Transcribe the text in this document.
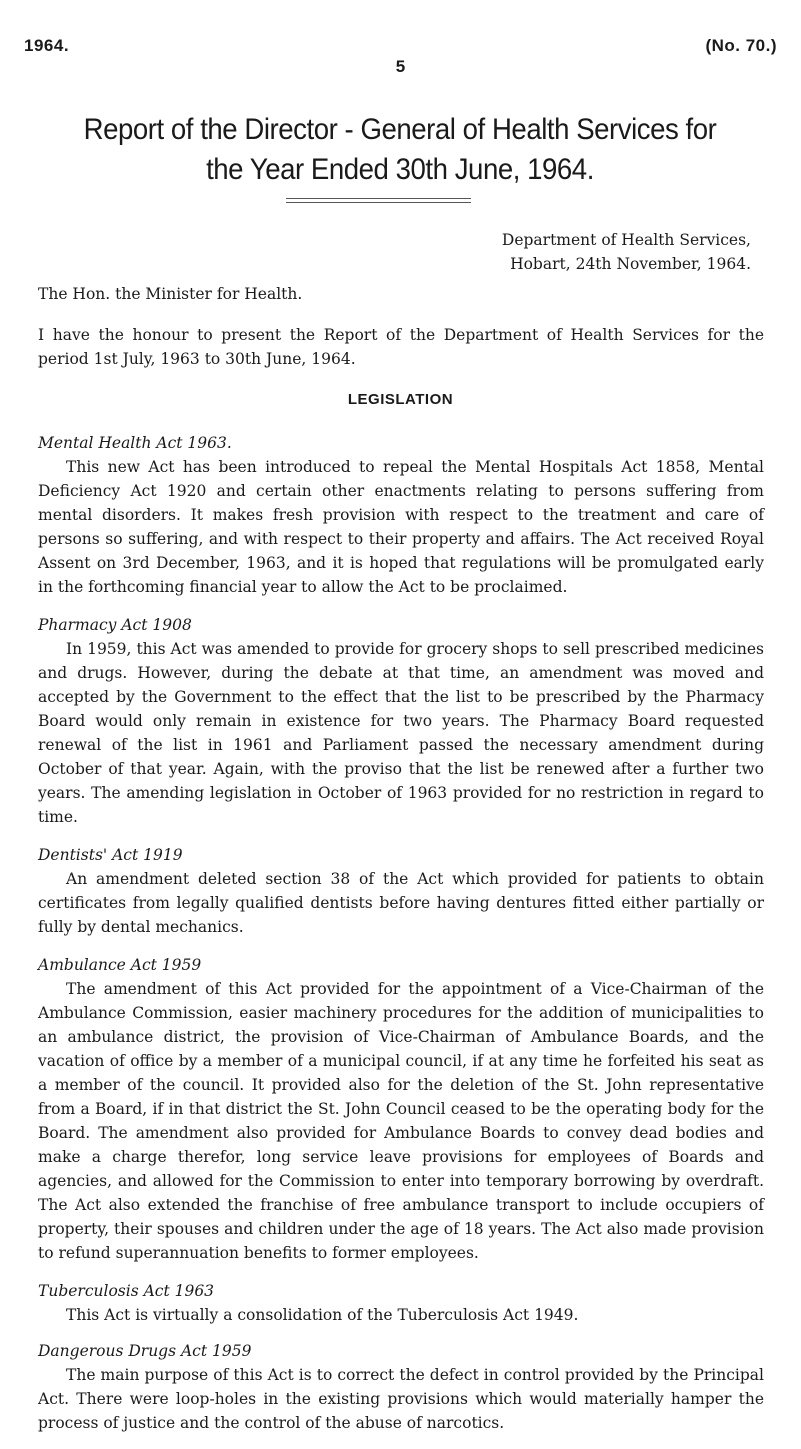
1964.	(No. 70.)
5
Report of the Director - General of Health Services for
the Year Ended 30th June, 1964.
Department of Health Services,
Hobart, 24th November, 1964.
The Hon. the Minister for Health.

I have the honour to present the Report of the Department of Health Services for the period 1st July, 1963 to 30th June, 1964.

LEGISLATION

Mental Health Act 1963.

This new Act has been introduced to repeal the Mental Hospitals Act 1858, Mental Deficiency Act 1920 and certain other enactments relating to persons suffering from mental disorders. It makes fresh provision with respect to the treatment and care of persons so suffering, and with respect to their property and affairs. The Act received Royal Assent on 3rd December, 1963, and it is hoped that regulations will be promulgated early in the forthcoming financial year to allow the Act to be proclaimed.

Pharmacy Act 1908

In 1959, this Act was amended to provide for grocery shops to sell prescribed medicines and drugs. However, during the debate at that time, an amendment was moved and accepted by the Government to the effect that the list to be prescribed by the Pharmacy Board would only remain in existence for two years. The Pharmacy Board requested renewal of the list in 1961 and Parliament passed the necessary amendment during October of that year. Again, with the proviso that the list be renewed after a further two years. The amending legislation in October of 1963 provided for no restriction in regard to time.

Dentists' Act 1919

An amendment deleted section 38 of the Act which provided for patients to obtain certificates from legally qualified dentists before having dentures fitted either partially or fully by dental mechanics.

Ambulance Act 1959

The amendment of this Act provided for the appointment of a Vice-Chairman of the Ambulance Commission, easier machinery procedures for the addition of municipalities to an ambulance district, the provision of Vice-Chairman of Ambulance Boards, and the vacation of office by a member of a municipal council, if at any time he forfeited his seat as a member of the council. It provided also for the deletion of the St. John representative from a Board, if in that district the St. John Council ceased to be the operating body for the Board. The amendment also provided for Ambulance Boards to convey dead bodies and make a charge therefor, long service leave provisions for employees of Boards and agencies, and allowed for the Commission to enter into temporary borrowing by overdraft. The Act also extended the franchise of free ambulance transport to include occupiers of property, their spouses and children under the age of 18 years. The Act also made provision to refund superannuation benefits to former employees.

Tuberculosis Act 1963

This Act is virtually a consolidation of the Tuberculosis Act 1949.

Dangerous Drugs Act 1959

The main purpose of this Act is to correct the defect in control provided by the Principal Act. There were loop-holes in the existing provisions which would materially hamper the process of justice and the control of the abuse of narcotics.
